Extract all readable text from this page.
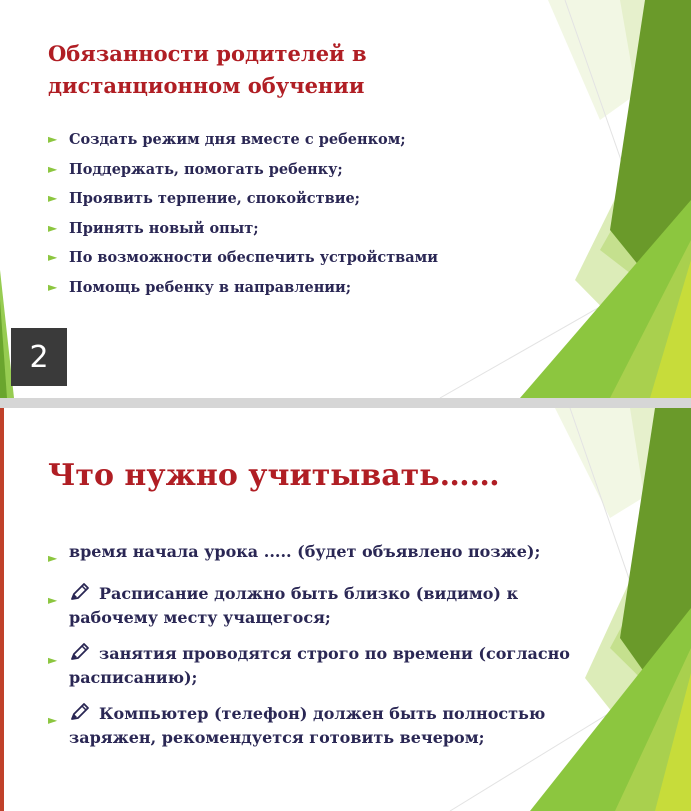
Обязанности родителей в дистанционном обучении
► Создать режим дня вместе с ребенком;
► Поддержать, помогать ребенку;
► Проявить терпение, спокойствие;
► Принять новый опыт;
► По возможности обеспечить устройствами
► Помощь ребенку в направлении;
2
Что нужно учитывать……
► время начала урока ..... (будет объявлено позже);
►	Расписание должно быть близко (видимо) к рабочему месту учащегося;
►	занятия проводятся строго по времени (согласно расписанию);
►	Компьютер (телефон) должен быть полностью заряжен, рекомендуется готовить вечером;
